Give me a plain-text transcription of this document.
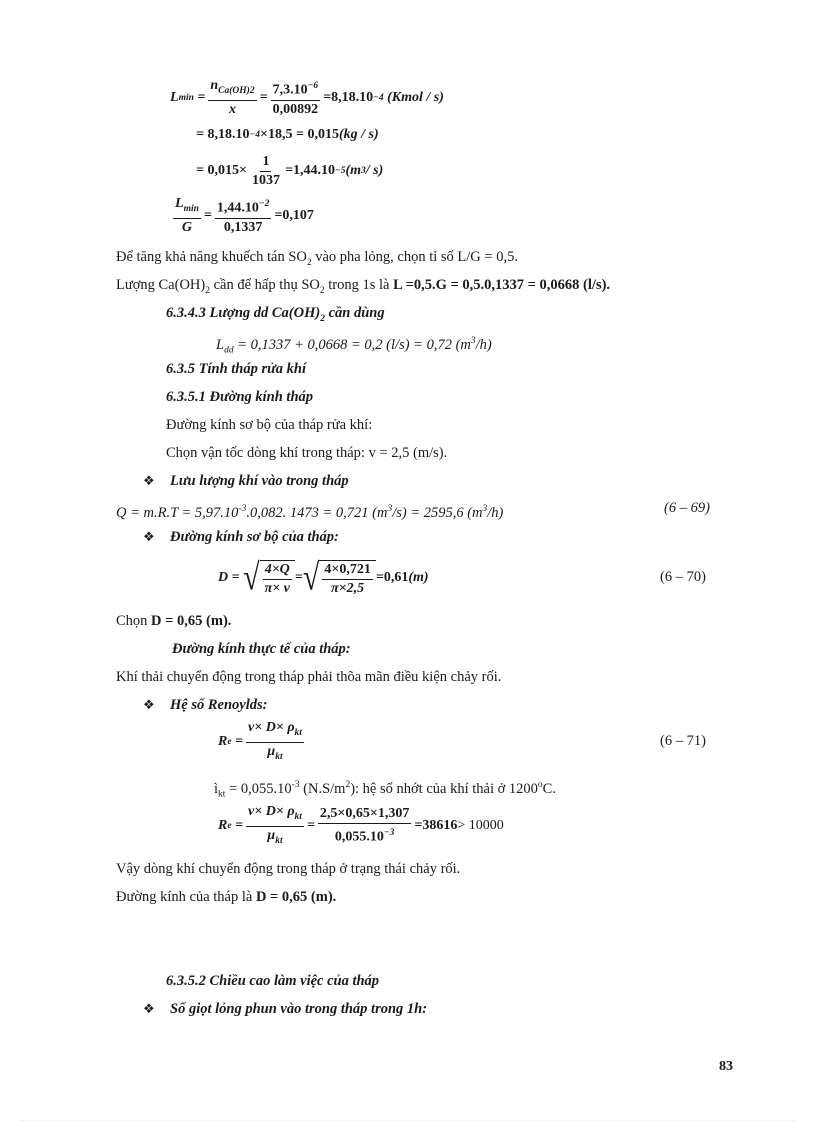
L $\min = \frac{n_{Ca(OH)2}}{x} = \frac{7,3.10^{-6}}{0,00892} = 8,18.10 -4$
(Kmol / s)
= 8,18.10 −4 ×18,5 = 0,015 (kg / s)
= $0,015\times \frac{1}{1037} = 1,44.10 -5$ (m 3 / s)
$\frac{L_{min}}{G} = \frac{1,44.10^{-2}}{0,1337} = 0,107$
Để tăng khả năng khuếch tán $SO_2$ vào pha lỏng, chọn tỉ số L/G = 0,5.
Lượng $Ca(OH)_2$ cần để hấp thụ $SO_2$ trong 1s là L =0,5.G = 0,5.0,1337 = 0,0668 (l/s).
6.3.4.3 Lượng dd $Ca(OH)_2$ cần dùng
$L_{dd} = 0,1337 + 0,0668 = 0,2$ (l/s) = 0,72 $(m^3/h)$
6.3.5 Tính tháp rửa khí
6.3.5.1 Đường kính tháp
Đường kính sơ bộ của tháp rửa khí:
Chọn vận tốc dòng khí trong tháp: v = 2,5 (m/s).
❖ Lưu lượng khí vào trong tháp
$Q = m.R.T = 5,97.10^{-3}.0,082$. 1473 = 0,721 $(m^3/s) = 2595,6$ $(m^3/h)$	(6 – 69)
❖ Đường kính sơ bộ của tháp:
D =
√ $\frac{4\times Q}{\pi\times v}$ = √ $\frac{4\times 0,721}{\pi\times 2,5} = 0,61$ (m)	(6 – 70)
Chọn D = 0,65 (m).
Đường kính thực tế của tháp:
Khí thải chuyển động trong tháp phải thõa mãn điều kiện chảy rối.
❖ Hệ số Renoylds:
R $e = \frac{v\times D\times \rho_{kt}}{\mu_{kt}}$	(6 – 71)
$ì_{kt} = 0,055.10^{-3}$ $(N.S/m^2)$: hệ số nhớt của khí thải ở 1200$^o$C.
R $e = \frac{v\times D\times \rho_{kt}}{\mu_{kt}} = \frac{2,5\times 0,65\times 1,307}{0,055.10^{-3}} = 38616 > 10000$
Vậy dòng khí chuyển động trong tháp ở trạng thái chảy rối.
Đường kính của tháp là D = 0,65 (m).
6.3.5.2 Chiều cao làm việc của tháp
❖ Số giọt lỏng phun vào trong tháp trong 1h:
83
